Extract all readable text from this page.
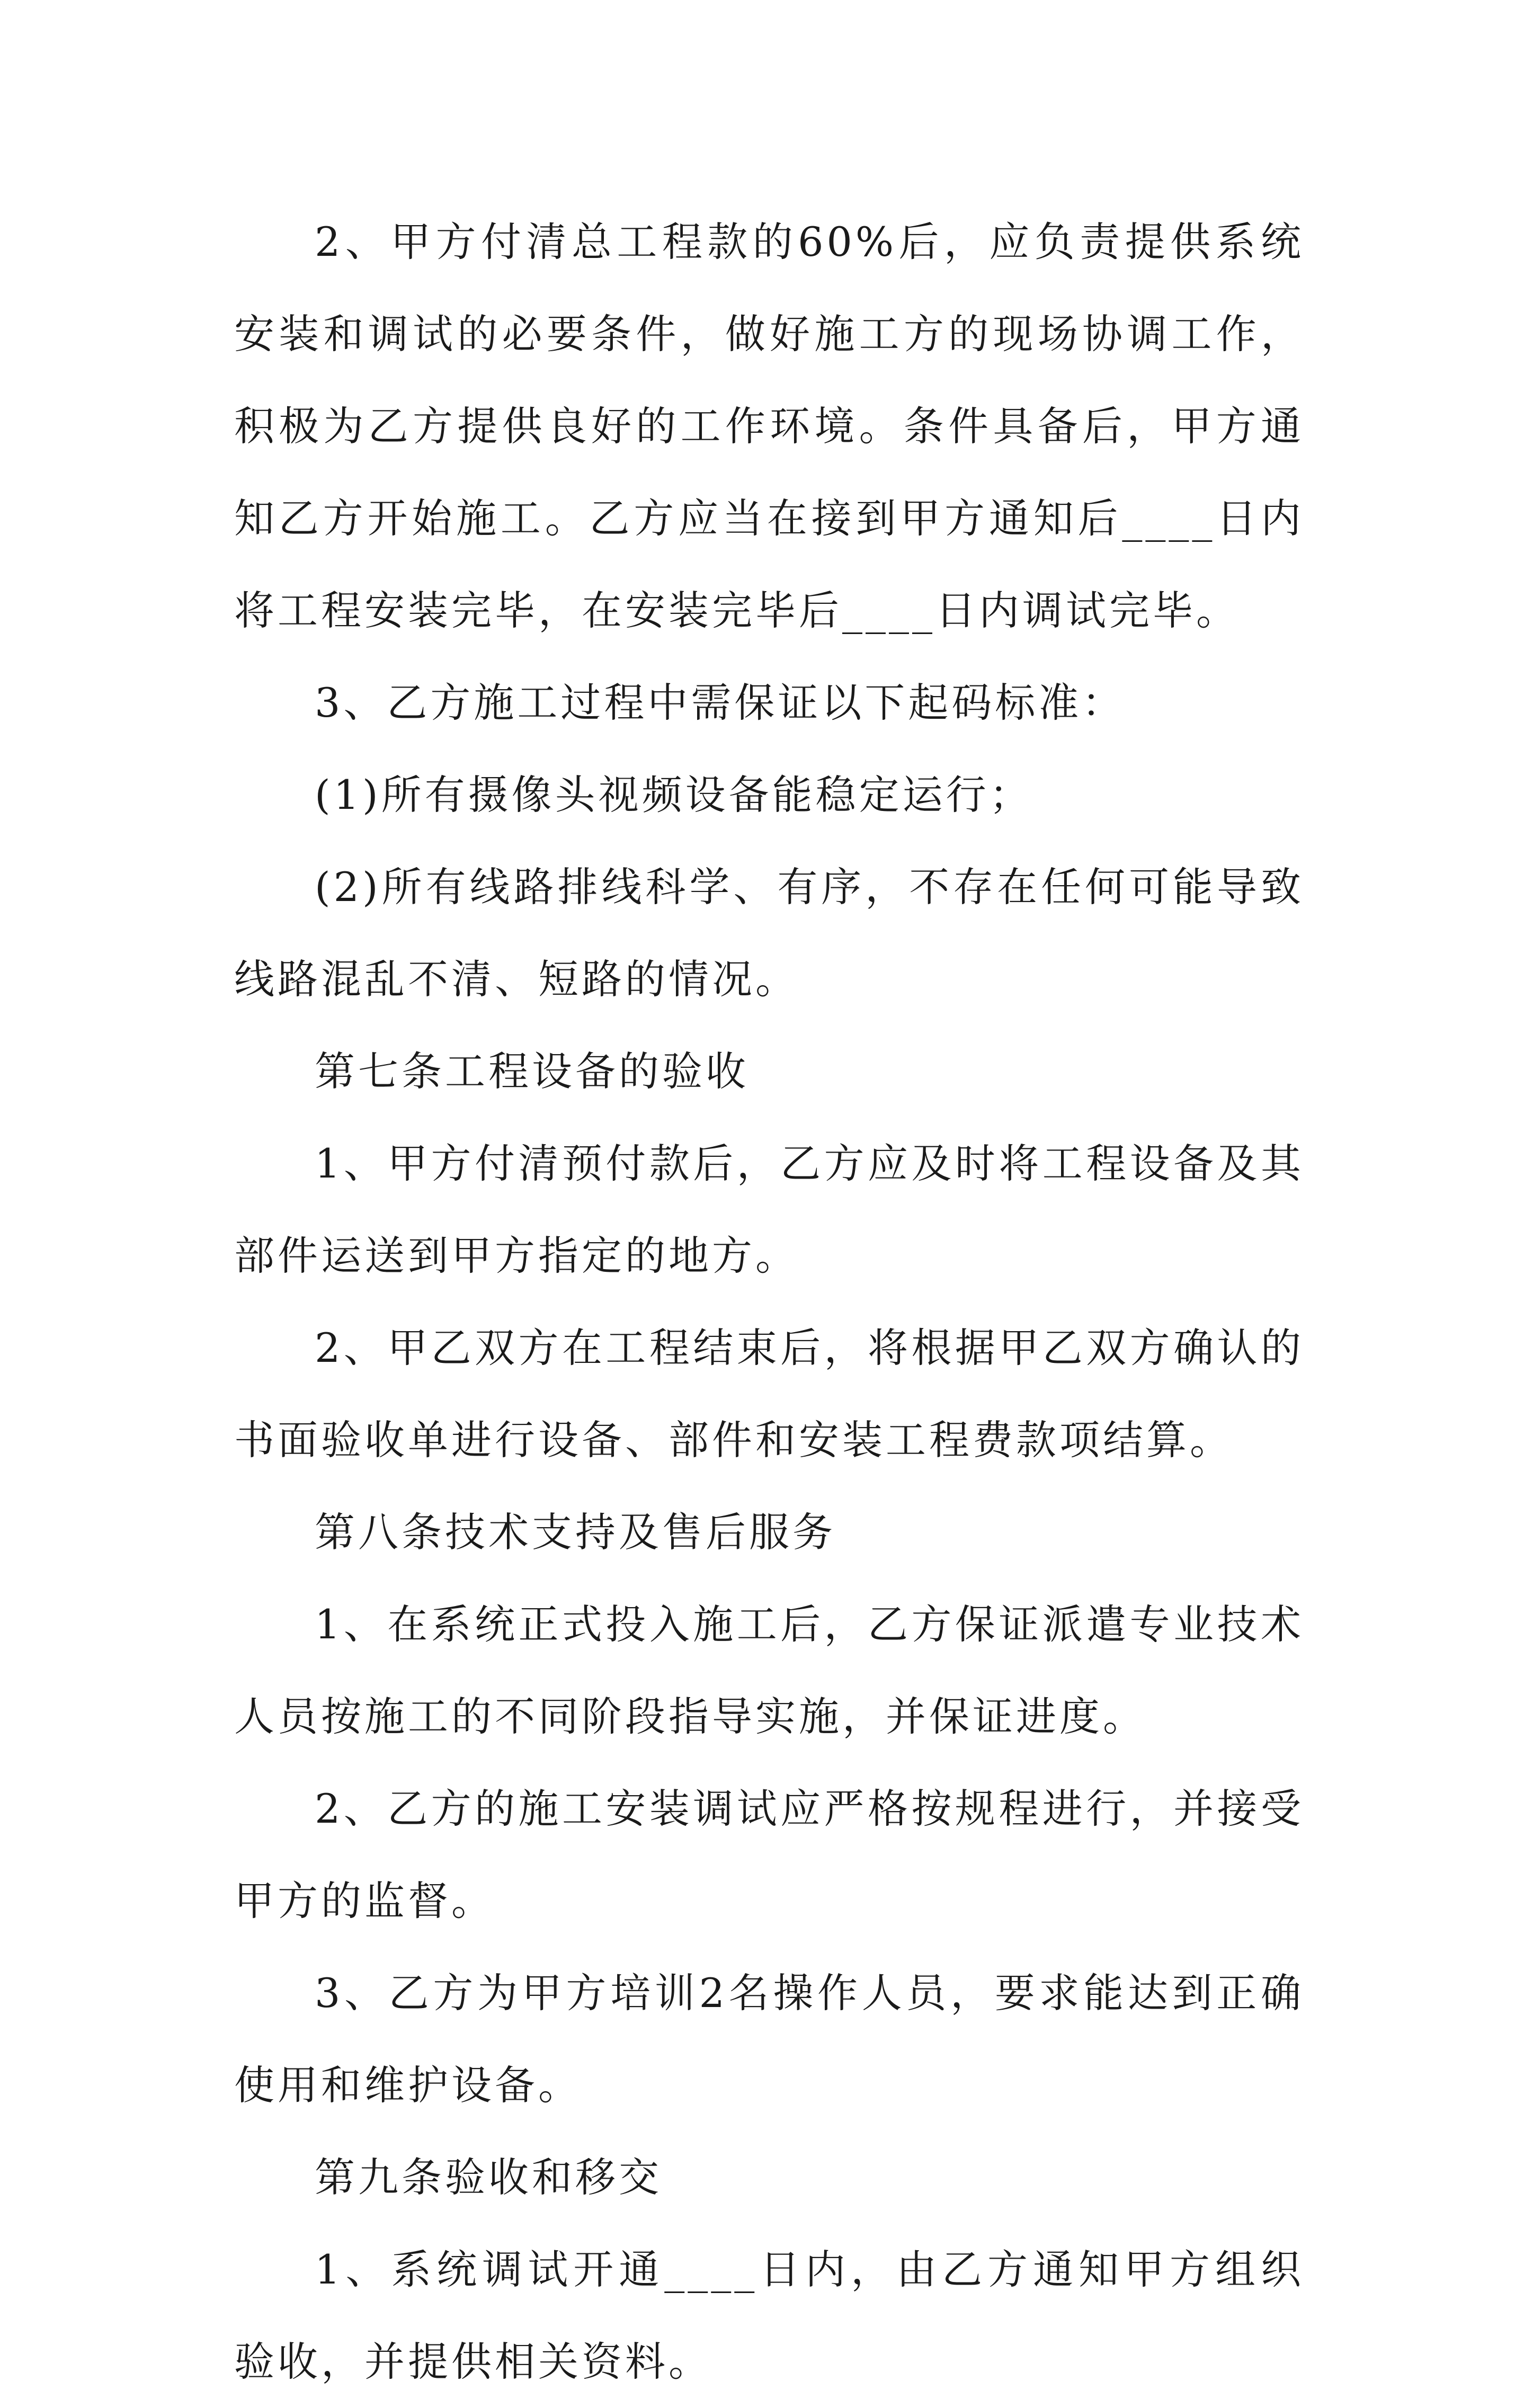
2、甲方付清总工程款的60%后，应负责提供系统安装和调试的必要条件，做好施工方的现场协调工作，积极为乙方提供良好的工作环境。条件具备后，甲方通知乙方开始施工。乙方应当在接到甲方通知后____日内将工程安装完毕，在安装完毕后____日内调试完毕。

3、乙方施工过程中需保证以下起码标准：

(1)所有摄像头视频设备能稳定运行；

(2)所有线路排线科学、有序，不存在任何可能导致线路混乱不清、短路的情况。

第七条工程设备的验收

1、甲方付清预付款后，乙方应及时将工程设备及其部件运送到甲方指定的地方。

2、甲乙双方在工程结束后，将根据甲乙双方确认的书面验收单进行设备、部件和安装工程费款项结算。

第八条技术支持及售后服务

1、在系统正式投入施工后，乙方保证派遣专业技术人员按施工的不同阶段指导实施，并保证进度。

2、乙方的施工安装调试应严格按规程进行，并接受甲方的监督。

3、乙方为甲方培训2名操作人员，要求能达到正确使用和维护设备。

第九条验收和移交

1、系统调试开通____日内，由乙方通知甲方组织验收，并提供相关资料。
